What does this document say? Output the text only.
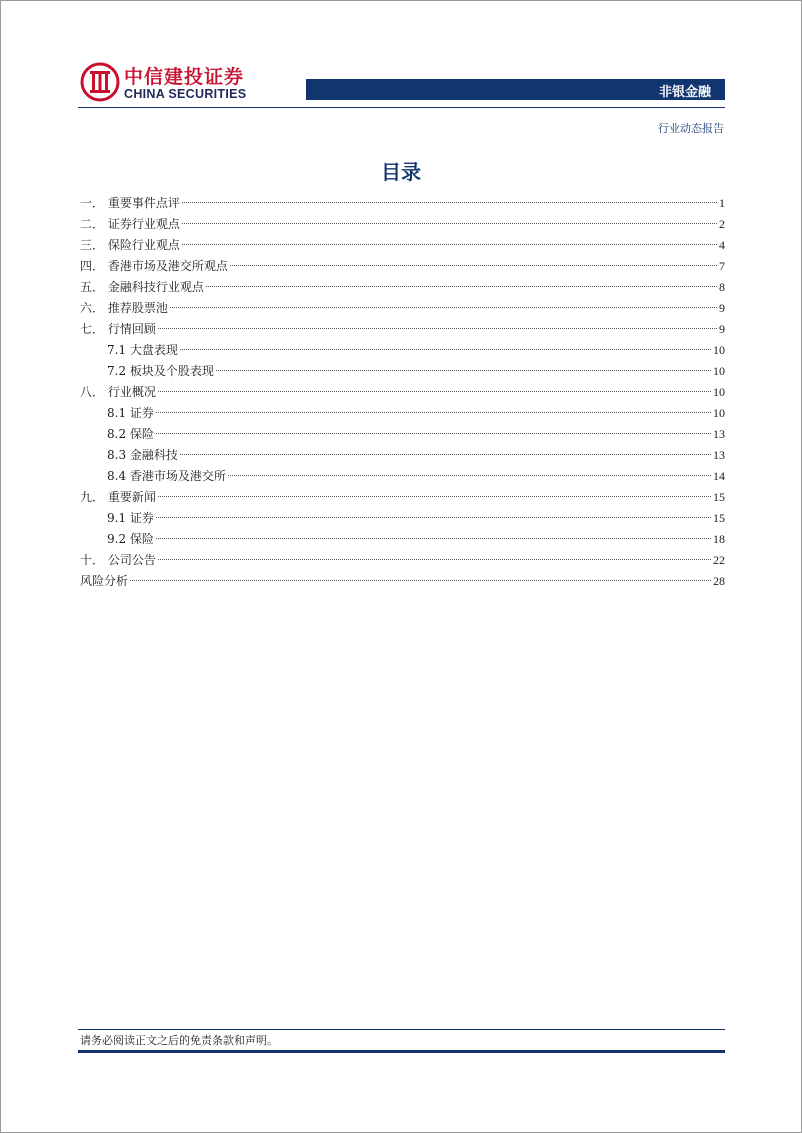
中信建投证券
CHINA SECURITIES	非银金融
行业动态报告
目录
一． 重要事件点评	1
二． 证券行业观点	2
三． 保险行业观点	4
四． 香港市场及港交所观点	7
五． 金融科技行业观点	8
六． 推荐股票池	9
七． 行情回顾	9
7.1 大盘表现	10
7.2 板块及个股表现	10
八． 行业概况	10
8.1 证券	10
8.2 保险	13
8.3 金融科技	13
8.4 香港市场及港交所	14
九． 重要新闻	15
9.1 证券	15
9.2 保险	18
十． 公司公告	22
风险分析	28
请务必阅读正文之后的免责条款和声明。
